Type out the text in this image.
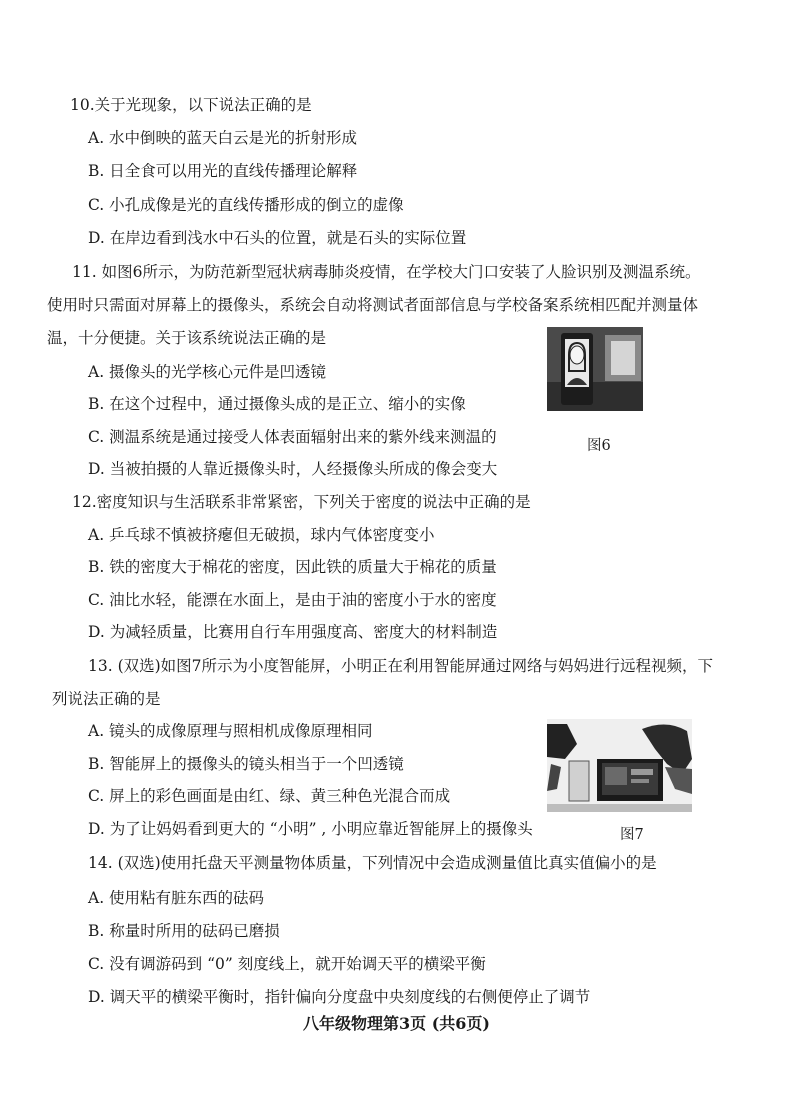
10.关于光现象，以下说法正确的是
A. 水中倒映的蓝天白云是光的折射形成
B. 日全食可以用光的直线传播理论解释
C. 小孔成像是光的直线传播形成的倒立的虚像
D. 在岸边看到浅水中石头的位置，就是石头的实际位置
11. 如图6所示，为防范新型冠状病毒肺炎疫情，在学校大门口安装了人脸识别及测温系统。
使用时只需面对屏幕上的摄像头，系统会自动将测试者面部信息与学校备案系统相匹配并测量体
温，十分便捷。关于该系统说法正确的是
A. 摄像头的光学核心元件是凹透镜
B. 在这个过程中，通过摄像头成的是正立、缩小的实像
C. 测温系统是通过接受人体表面辐射出来的紫外线来测温的
D. 当被拍摄的人靠近摄像头时，人经摄像头所成的像会变大
图6
12.密度知识与生活联系非常紧密，下列关于密度的说法中正确的是
A. 乒乓球不慎被挤瘪但无破损，球内气体密度变小
B. 铁的密度大于棉花的密度，因此铁的质量大于棉花的质量
C. 油比水轻，能漂在水面上，是由于油的密度小于水的密度
D. 为减轻质量，比赛用自行车用强度高、密度大的材料制造
13. (双选)如图7所示为小度智能屏，小明正在利用智能屏通过网络与妈妈进行远程视频，下
列说法正确的是
A. 镜头的成像原理与照相机成像原理相同
B. 智能屏上的摄像头的镜头相当于一个凹透镜
C. 屏上的彩色画面是由红、绿、黄三种色光混合而成
D. 为了让妈妈看到更大的 “小明” , 小明应靠近智能屏上的摄像头	图7
14. (双选)使用托盘天平测量物体质量，下列情况中会造成测量值比真实值偏小的是
A. 使用粘有脏东西的砝码
B. 称量时所用的砝码已磨损
C. 没有调游码到 “0” 刻度线上，就开始调天平的横梁平衡
D. 调天平的横梁平衡时，指针偏向分度盘中央刻度线的右侧便停止了调节
八年级物理第3页 (共6页)
